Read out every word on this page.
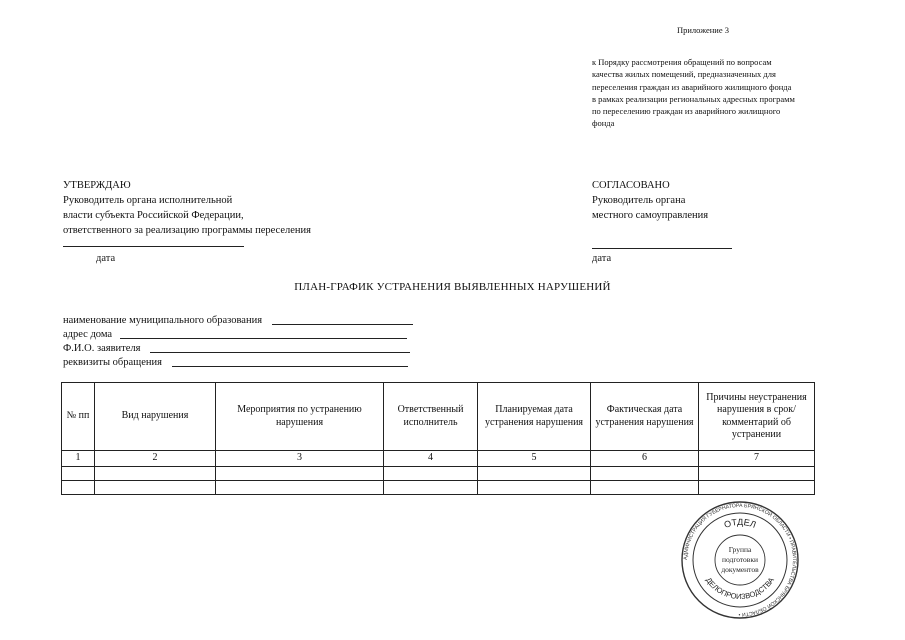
Приложение 3
к Порядку рассмотрения обращений по вопросам
качества жилых помещений, предназначенных для
переселения граждан из аварийного жилищного фонда
в рамках реализации региональных адресных программ
по переселению граждан из аварийного жилищного
фонда
УТВЕРЖДАЮ
Руководитель органа исполнительной
власти субъекта Российской Федерации,
ответственного за реализацию программы переселения
дата
СОГЛАСОВАНО
Руководитель органа
местного самоуправления
дата
ПЛАН-ГРАФИК УСТРАНЕНИЯ ВЫЯВЛЕННЫХ НАРУШЕНИЙ
наименование муниципального образования
адрес дома
Ф.И.О. заявителя
реквизиты обращения
№ пп	Вид нарушения	Мероприятия по устранению нарушения	Ответственный исполнитель	Планируемая дата устранения нарушения	Фактическая дата устранения нарушения	Причины неустранения нарушения в срок/ комментарий об устранении
1	2	3	4	5	6	7

АДМИНИСТРАЦИЯ ГУБЕРНАТОРА БРЯНСКОЙ ОБЛАСТИ • ПРАВИТЕЛЬСТВА БРЯНСКОЙ ОБЛАСТИ •
ОТДЕЛ
ДЕЛОПРОИЗВОДСТВА
Группа
подготовки
документов
